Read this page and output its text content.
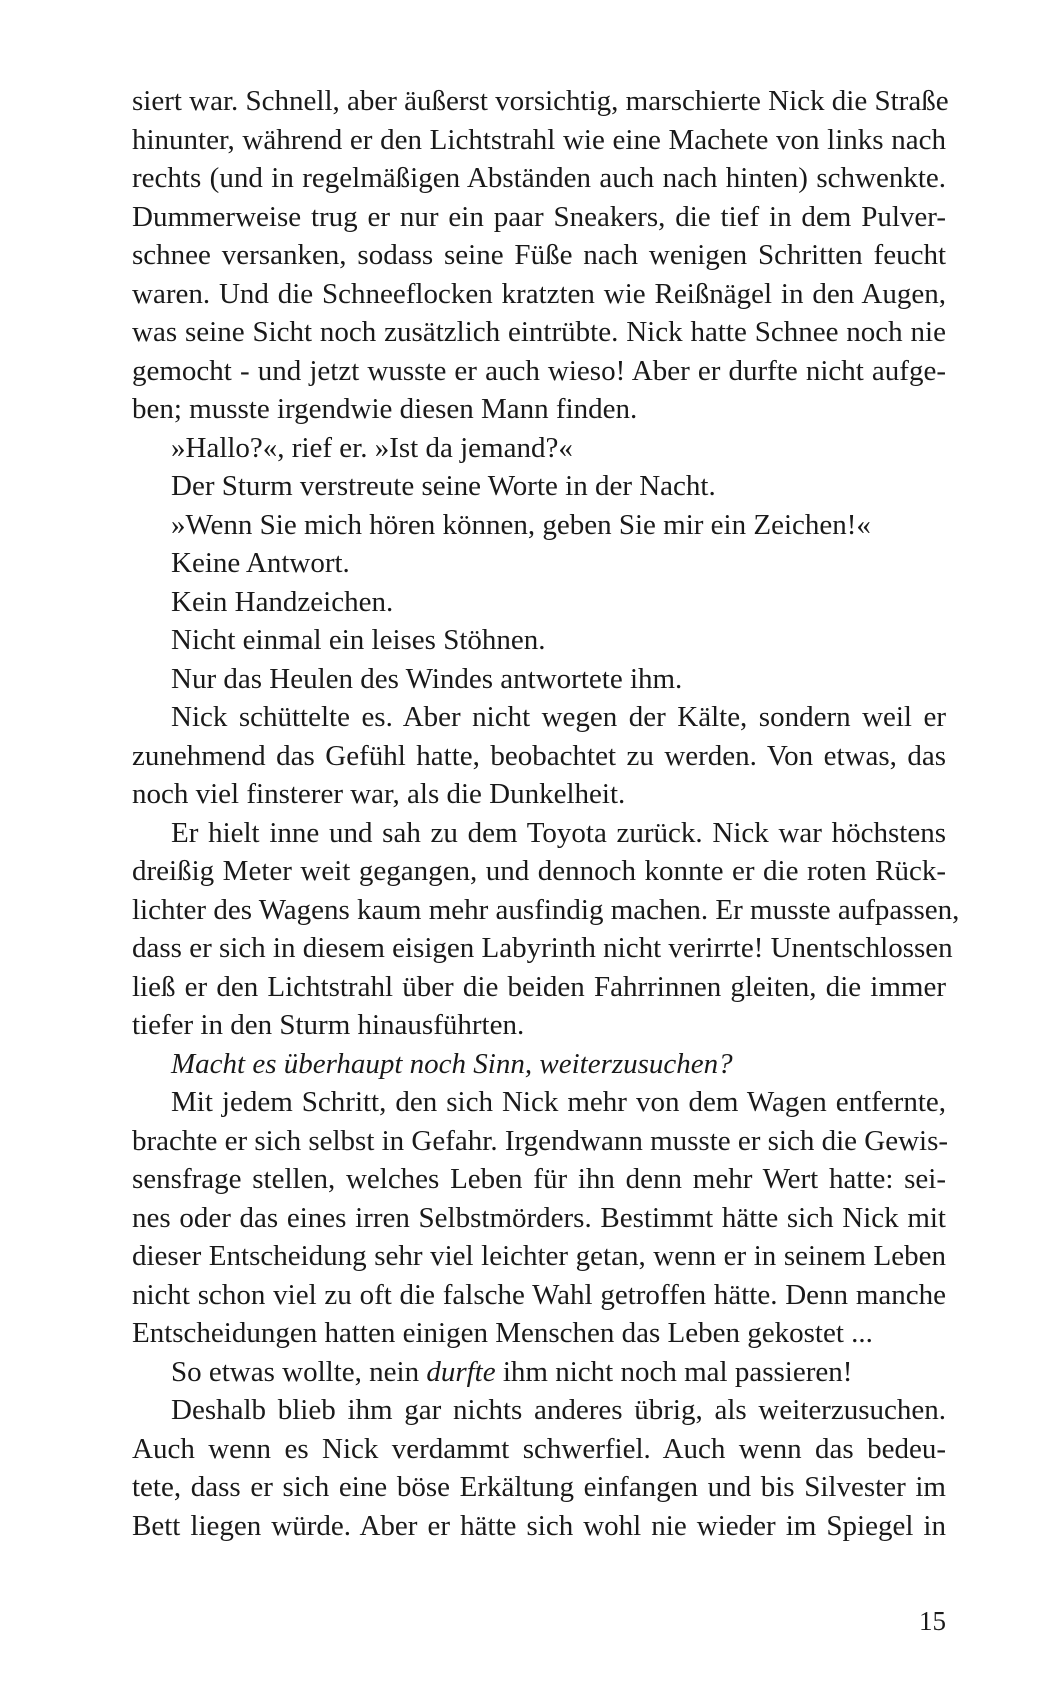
siert war. Schnell, aber äußerst vorsichtig, marschierte Nick die Straße
hinunter, während er den Lichtstrahl wie eine Machete von links nach
rechts (und in regelmäßigen Abständen auch nach hinten) schwenkte.
Dummerweise trug er nur ein paar Sneakers, die tief in dem Pulver-
schnee versanken, sodass seine Füße nach wenigen Schritten feucht
waren. Und die Schneeflocken kratzten wie Reißnägel in den Augen,
was seine Sicht noch zusätzlich eintrübte. Nick hatte Schnee noch nie
gemocht - und jetzt wusste er auch wieso! Aber er durfte nicht aufge-
ben; musste irgendwie diesen Mann finden.
»Hallo?«, rief er. »Ist da jemand?«
Der Sturm verstreute seine Worte in der Nacht.
»Wenn Sie mich hören können, geben Sie mir ein Zeichen!«
Keine Antwort.
Kein Handzeichen.
Nicht einmal ein leises Stöhnen.
Nur das Heulen des Windes antwortete ihm.
Nick schüttelte es. Aber nicht wegen der Kälte, sondern weil er
zunehmend das Gefühl hatte, beobachtet zu werden. Von etwas, das
noch viel finsterer war, als die Dunkelheit.
Er hielt inne und sah zu dem Toyota zurück. Nick war höchstens
dreißig Meter weit gegangen, und dennoch konnte er die roten Rück-
lichter des Wagens kaum mehr ausfindig machen. Er musste aufpassen,
dass er sich in diesem eisigen Labyrinth nicht verirrte! Unentschlossen
ließ er den Lichtstrahl über die beiden Fahrrinnen gleiten, die immer
tiefer in den Sturm hinausführten.
Macht es überhaupt noch Sinn, weiterzusuchen?
Mit jedem Schritt, den sich Nick mehr von dem Wagen entfernte,
brachte er sich selbst in Gefahr. Irgendwann musste er sich die Gewis-
sensfrage stellen, welches Leben für ihn denn mehr Wert hatte: sei-
nes oder das eines irren Selbstmörders. Bestimmt hätte sich Nick mit
dieser Entscheidung sehr viel leichter getan, wenn er in seinem Leben
nicht schon viel zu oft die falsche Wahl getroffen hätte. Denn manche
Entscheidungen hatten einigen Menschen das Leben gekostet ...
So etwas wollte, nein durfte ihm nicht noch mal passieren!
Deshalb blieb ihm gar nichts anderes übrig, als weiterzusuchen.
Auch wenn es Nick verdammt schwerfiel. Auch wenn das bedeu-
tete, dass er sich eine böse Erkältung einfangen und bis Silvester im
Bett liegen würde. Aber er hätte sich wohl nie wieder im Spiegel in
15
